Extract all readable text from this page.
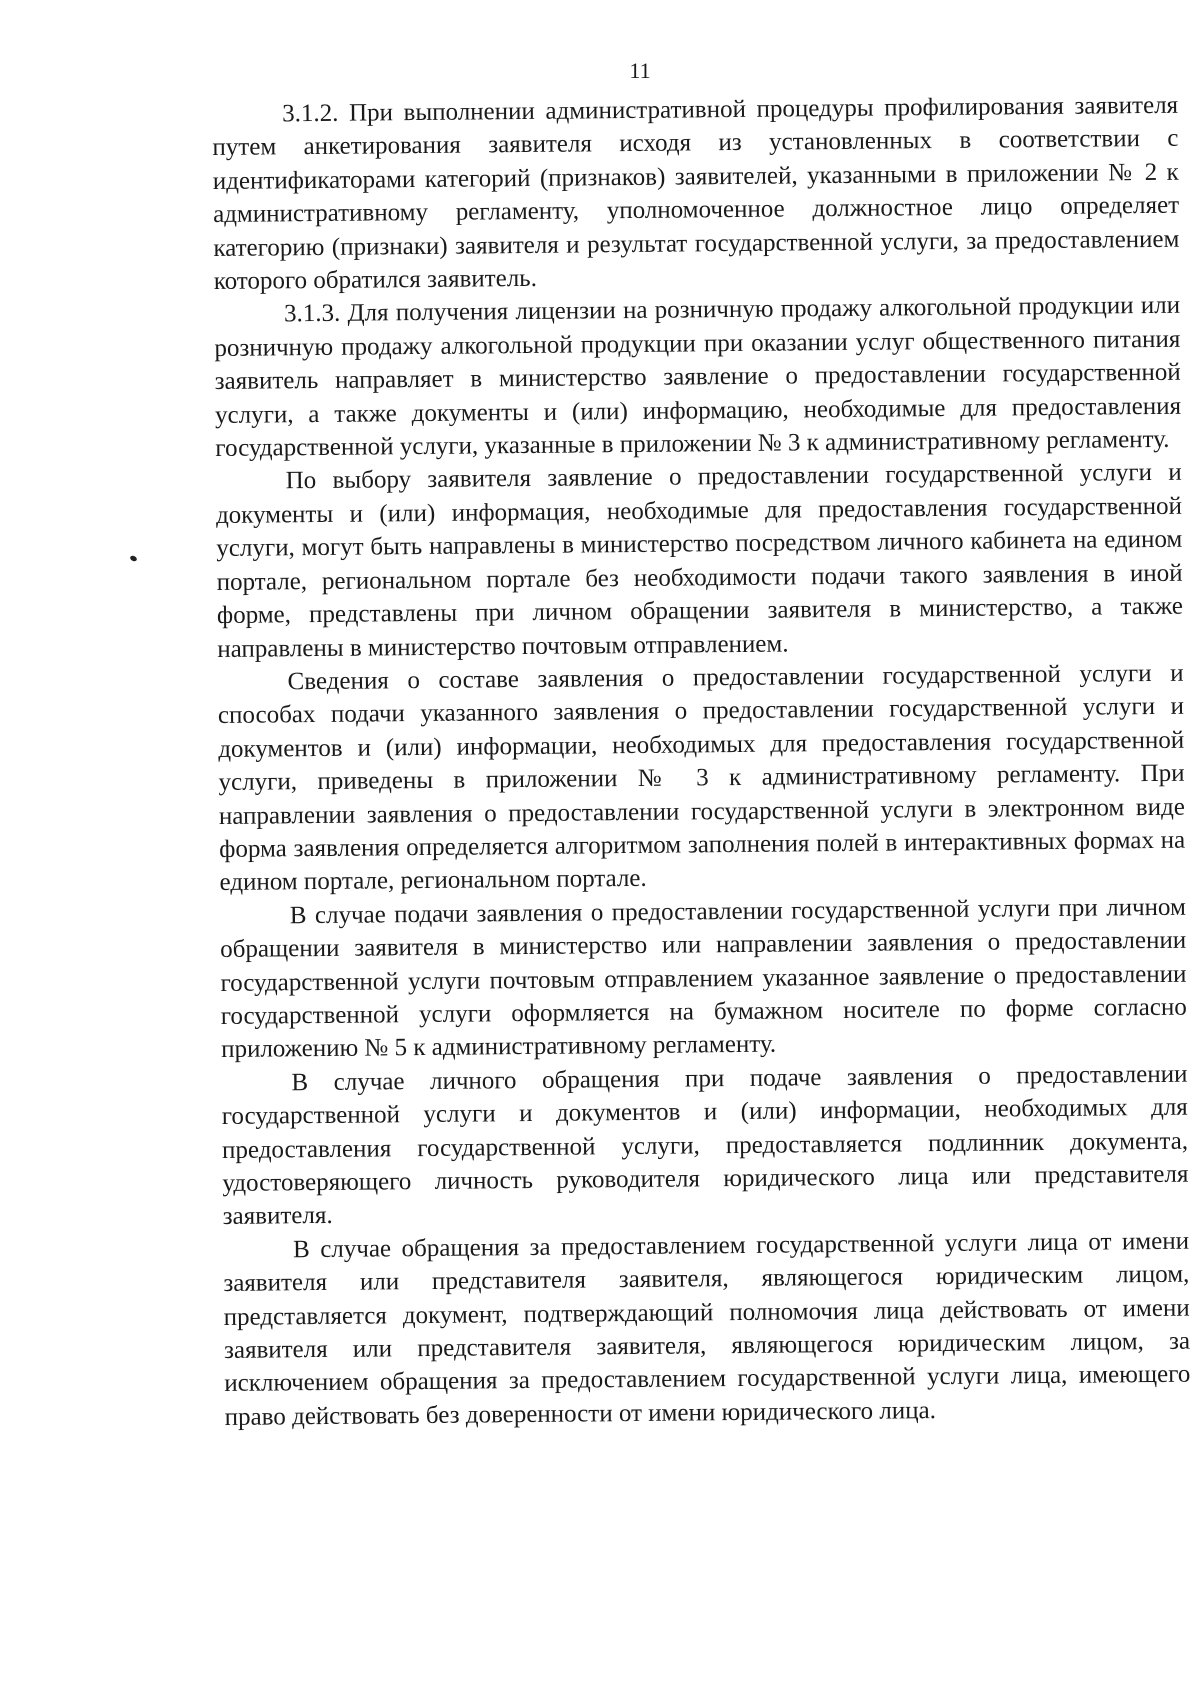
11

3.1.2. При выполнении административной процедуры профилирования заявителя путем анкетирования заявителя исходя из установленных в соответствии с идентификаторами категорий (признаков) заявителей, указанными в приложении № 2 к административному регламенту, уполномоченное должностное лицо определяет категорию (признаки) заявителя и результат государственной услуги, за предоставлением которого обратился заявитель.

3.1.3. Для получения лицензии на розничную продажу алкогольной продукции или розничную продажу алкогольной продукции при оказании услуг общественного питания заявитель направляет в министерство заявление о предоставлении государственной услуги, а также документы и (или) информацию, необходимые для предоставления государственной услуги, указанные в приложении № 3 к административному регламенту.

По выбору заявителя заявление о предоставлении государственной услуги и документы и (или) информация, необходимые для предоставления государственной услуги, могут быть направлены в министерство посредством личного кабинета на едином портале, региональном портале без необходимости подачи такого заявления в иной форме, представлены при личном обращении заявителя в министерство, а также направлены в министерство почтовым отправлением.

Сведения о составе заявления о предоставлении государственной услуги и способах подачи указанного заявления о предоставлении государственной услуги и документов и (или) информации, необходимых для предоставления государственной услуги, приведены в приложении № 3 к административному регламенту. При направлении заявления о предоставлении государственной услуги в электронном виде форма заявления определяется алгоритмом заполнения полей в интерактивных формах на едином портале, региональном портале.

В случае подачи заявления о предоставлении государственной услуги при личном обращении заявителя в министерство или направлении заявления о предоставлении государственной услуги почтовым отправлением указанное заявление о предоставлении государственной услуги оформляется на бумажном носителе по форме согласно приложению № 5 к административному регламенту.

В случае личного обращения при подаче заявления о предоставлении государственной услуги и документов и (или) информации, необходимых для предоставления государственной услуги, предоставляется подлинник документа, удостоверяющего личность руководителя юридического лица или представителя заявителя.

В случае обращения за предоставлением государственной услуги лица от имени заявителя или представителя заявителя, являющегося юридическим лицом, представляется документ, подтверждающий полномочия лица действовать от имени заявителя или представителя заявителя, являющегося юридическим лицом, за исключением обращения за предоставлением государственной услуги лица, имеющего право действовать без доверенности от имени юридического лица.
